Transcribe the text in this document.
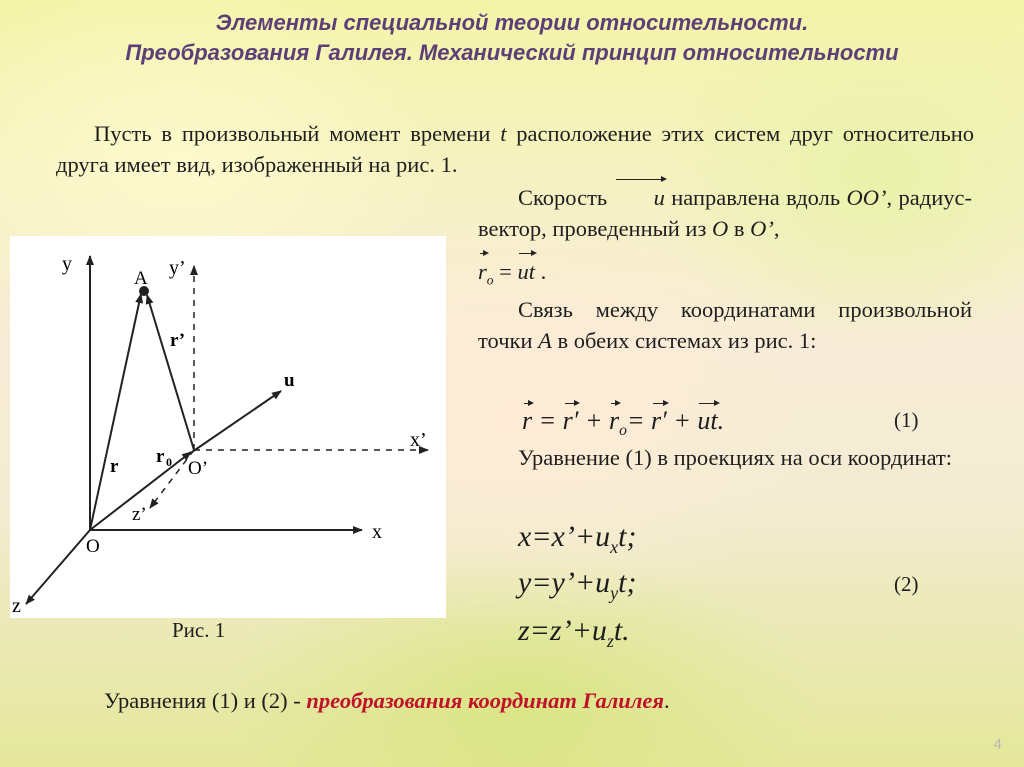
Элементы специальной теории относительности.
Преобразования Галилея. Механический принцип относительности
Пусть в произвольный момент времени t расположение этих систем друг относительно друга имеет вид, изображенный на рис. 1.
Скорость u направлена вдоль OO’, радиус-вектор, проведенный из O в O’,
$r_o$ = ut .
Связь между координатами произвольной точки A в обеих системах из рис. 1:
$r = r' + r_o= r'$ + ut.	(1)
Уравнение (1) в проекциях на оси координат:
$x=x’+u_xt$;
$y=y’+u_yt$;
$z=z’+u_zt$.
(2)
y	y’
A
r’
u
x’
r r 0 O’
z’
x
O
z
Рис. 1
Уравнения (1) и (2) - преобразования координат Галилея.
4
